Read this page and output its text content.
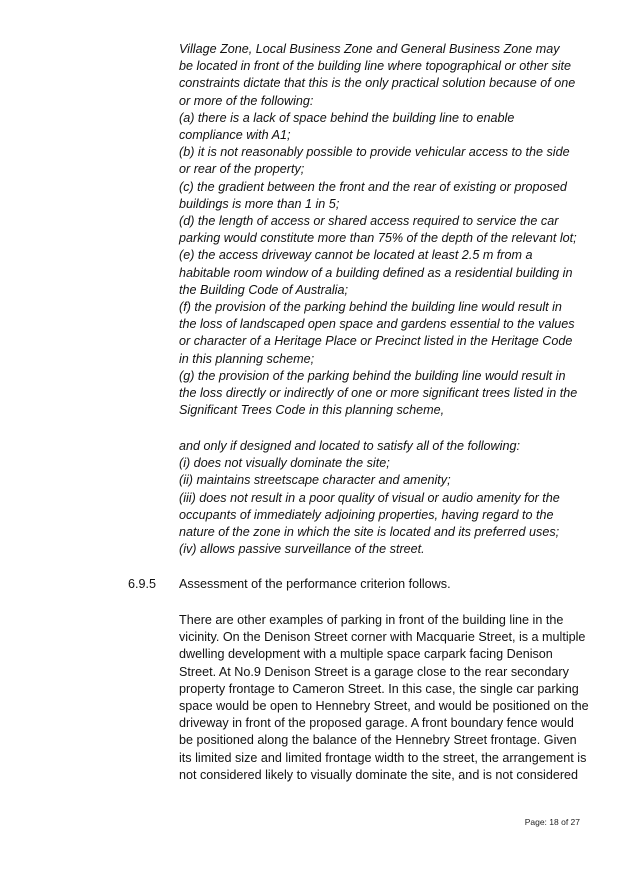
Village Zone, Local Business Zone and General Business Zone may
be located in front of the building line where topographical or other site
constraints dictate that this is the only practical solution because of one
or more of the following:
(a) there is a lack of space behind the building line to enable
compliance with A1;
(b) it is not reasonably possible to provide vehicular access to the side
or rear of the property;
(c) the gradient between the front and the rear of existing or proposed
buildings is more than 1 in 5;
(d) the length of access or shared access required to service the car
parking would constitute more than 75% of the depth of the relevant lot;
(e) the access driveway cannot be located at least 2.5 m from a
habitable room window of a building defined as a residential building in
the Building Code of Australia;
(f) the provision of the parking behind the building line would result in
the loss of landscaped open space and gardens essential to the values
or character of a Heritage Place or Precinct listed in the Heritage Code
in this planning scheme;
(g) the provision of the parking behind the building line would result in
the loss directly or indirectly of one or more significant trees listed in the
Significant Trees Code in this planning scheme,
and only if designed and located to satisfy all of the following:
(i) does not visually dominate the site;
(ii) maintains streetscape character and amenity;
(iii) does not result in a poor quality of visual or audio amenity for the
occupants of immediately adjoining properties, having regard to the
nature of the zone in which the site is located and its preferred uses;
(iv) allows passive surveillance of the street.
6.9.5 Assessment of the performance criterion follows.
There are other examples of parking in front of the building line in the
vicinity. On the Denison Street corner with Macquarie Street, is a multiple
dwelling development with a multiple space carpark facing Denison
Street. At No.9 Denison Street is a garage close to the rear secondary
property frontage to Cameron Street. In this case, the single car parking
space would be open to Hennebry Street, and would be positioned on the
driveway in front of the proposed garage. A front boundary fence would
be positioned along the balance of the Hennebry Street frontage. Given
its limited size and limited frontage width to the street, the arrangement is
not considered likely to visually dominate the site, and is not considered
Page: 18 of 27
